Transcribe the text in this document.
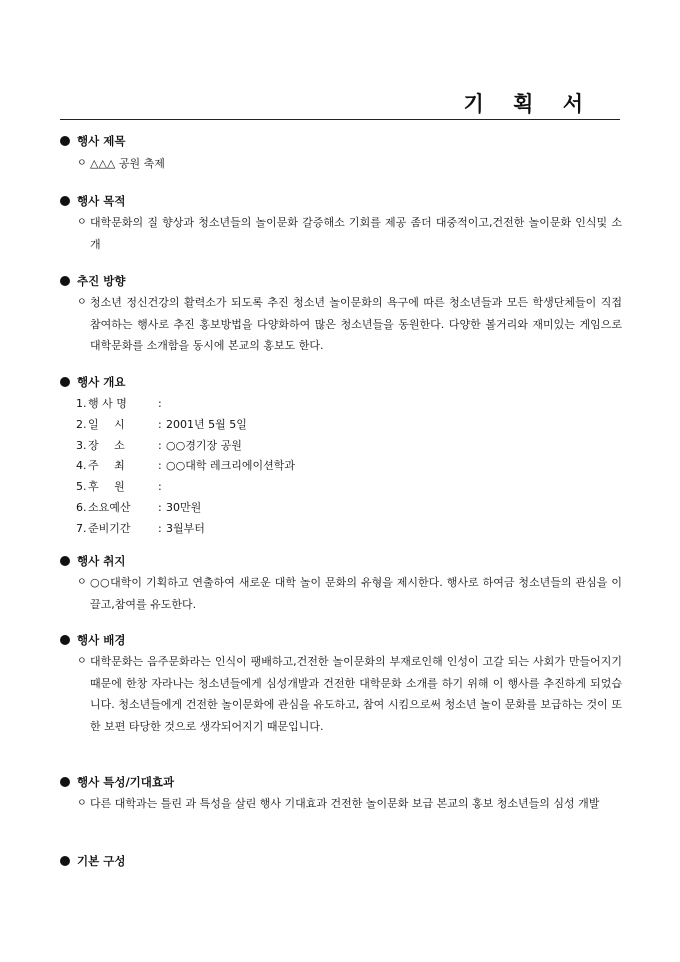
기 획 서
행사 제목
ㅇ △△△ 공원 축제
행사 목적
ㅇ 대학문화의 질 향상과 청소년들의 놀이문화 갈증해소 기회를 제공 좀더 대중적이고,건전한 놀이문화 인식및 소개
추진 방향
ㅇ 청소년 정신건강의 활력소가 되도록 추진 청소년 놀이문화의 욕구에 따른 청소년들과 모든 학생단체들이 직접 참여하는 행사로 추진 홍보방법을 다양화하여 많은 청소년들을 동원한다. 다양한 볼거리와 재미있는 게임으로 대학문화를 소개함을 동시에 본교의 홍보도 한다.
행사 개요
1. 행 사 명	:
2. 일 시	: 2001년 5월 5일
3. 장 소	: ○○경기장 공원
4. 주 최	: ○○대학 레크리에이션학과
5. 후 원	:
6. 소요예산	: 30만원
7. 준비기간	: 3월부터
행사 취지
ㅇ ○○대학이 기획하고 연출하여 새로운 대학 놀이 문화의 유형을 제시한다. 행사로 하여금 청소년들의 관심을 이끌고,참여를 유도한다.
행사 배경
ㅇ 대학문화는 음주문화라는 인식이 팽배하고,건전한 놀이문화의 부재로인해 인성이 고갈 되는 사회가 만들어지기 때문에 한창 자라나는 청소년들에게 심성개발과 건전한 대학문화 소개를 하기 위해 이 행사를 추진하게 되었습니다. 청소년들에게 건전한 놀이문화에 관심을 유도하고, 참여 시킴으로써 청소년 놀이 문화를 보급하는 것이 또한 보편 타당한 것으로 생각되어지기 때문입니다.
행사 특성/기대효과
ㅇ 다른 대학과는 틀린 과 특성을 살린 행사 기대효과 건전한 놀이문화 보급 본교의 홍보 청소년들의 심성 개발
기본 구성
